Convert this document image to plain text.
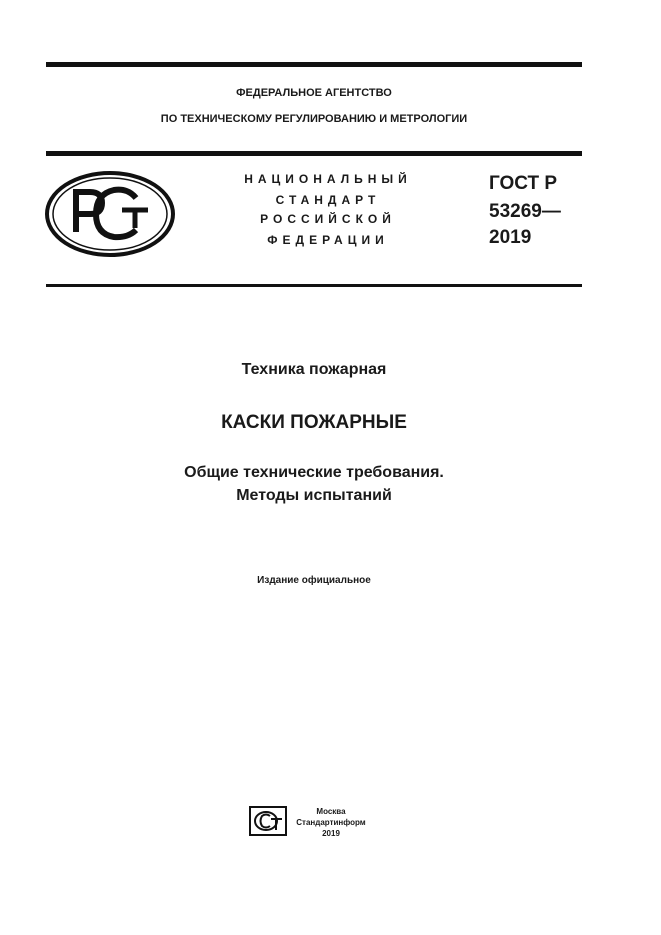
ФЕДЕРАЛЬНОЕ АГЕНТСТВО
ПО ТЕХНИЧЕСКОМУ РЕГУЛИРОВАНИЮ И МЕТРОЛОГИИ
НАЦИОНАЛЬНЫЙ
СТАНДАРТ
РОССИЙСКОЙ
ФЕДЕРАЦИИ
ГОСТ Р
53269—
2019
Техника пожарная
КАСКИ ПОЖАРНЫЕ
Общие технические требования.
Методы испытаний
Издание официальное
Москва
Стандартинформ
2019
